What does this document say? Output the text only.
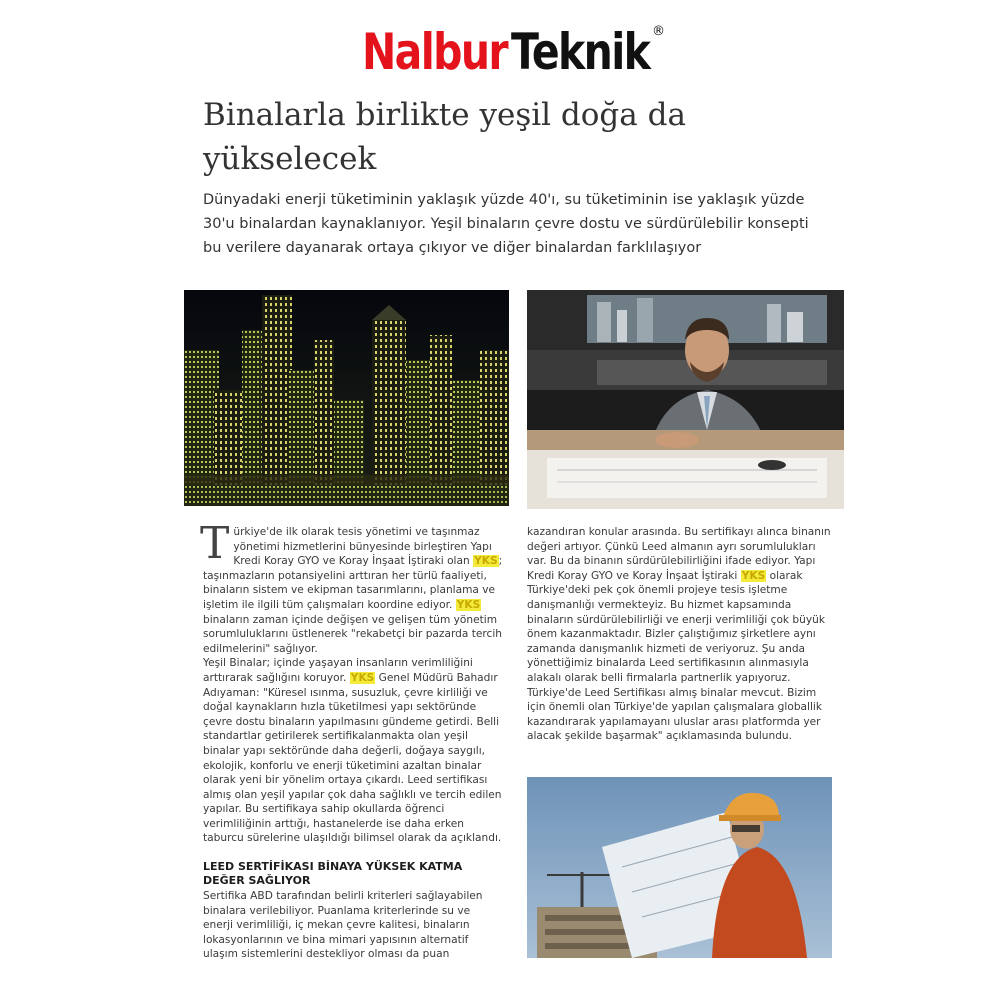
Nalbur Teknik ®
Binalarla birlikte yeşil doğa da yükselecek

Dünyadaki enerji tüketiminin yaklaşık yüzde 40'ı, su tüketiminin ise yaklaşık yüzde 30'u binalardan kaynaklanıyor. Yeşil binaların çevre dostu ve sürdürülebilir konsepti bu verilere dayanarak ortaya çıkıyor ve diğer binalardan farklılaşıyor

Türkiye'de ilk olarak tesis yönetimi ve taşınmaz yönetimi hizmetlerini bünyesinde birleştiren Yapı Kredi Koray GYO ve Koray İnşaat İştiraki olan YKS; taşınmazların potansiyelini arttıran her türlü faaliyeti, binaların sistem ve ekipman tasarımlarını, planlama ve işletim ile ilgili tüm çalışmaları koordine ediyor. YKS binaların zaman içinde değişen ve gelişen tüm yönetim sorumluluklarını üstlenerek "rekabetçi bir pazarda tercih edilmelerini" sağlıyor.

Yeşil Binalar; içinde yaşayan insanların verimliliğini arttırarak sağlığını koruyor. YKS Genel Müdürü Bahadır Adıyaman: "Küresel ısınma, susuzluk, çevre kirliliği ve doğal kaynakların hızla tüketilmesi yapı sektöründe çevre dostu binaların yapılmasını gündeme getirdi. Belli standartlar getirilerek sertifikalanmakta olan yeşil binalar yapı sektöründe daha değerli, doğaya saygılı, ekolojik, konforlu ve enerji tüketimini azaltan binalar olarak yeni bir yönelim ortaya çıkardı. Leed sertifikası almış olan yeşil yapılar çok daha sağlıklı ve tercih edilen yapılar. Bu sertifikaya sahip okullarda öğrenci verimliliğinin arttığı, hastanelerde ise daha erken taburcu sürelerine ulaşıldığı bilimsel olarak da açıklandı.

LEED SERTİFİKASI BİNAYA YÜKSEK KATMA DEĞER SAĞLIYOR

Sertifika ABD tarafından belirli kriterleri sağlayabilen binalara verilebiliyor. Puanlama kriterlerinde su ve enerji verimliliği, iç mekan çevre kalitesi, binaların lokasyonlarının ve bina mimari yapısının alternatif ulaşım sistemlerini destekliyor olması da puan

kazandıran konular arasında. Bu sertifikayı alınca binanın değeri artıyor. Çünkü Leed almanın ayrı sorumlulukları var. Bu da binanın sürdürülebilirliğini ifade ediyor. Yapı Kredi Koray GYO ve Koray İnşaat İştiraki YKS olarak Türkiye'deki pek çok önemli projeye tesis işletme danışmanlığı vermekteyiz. Bu hizmet kapsamında binaların sürdürülebilirliği ve enerji verimliliği çok büyük önem kazanmaktadır. Bizler çalıştığımız şirketlere aynı zamanda danışmanlık hizmeti de veriyoruz. Şu anda yönettiğimiz binalarda Leed sertifikasının alınmasıyla alakalı olarak belli firmalarla partnerlik yapıyoruz. Türkiye'de Leed Sertifikası almış binalar mevcut. Bizim için önemli olan Türkiye'de yapılan çalışmalara globallik kazandırarak yapılamayanı uluslar arası platformda yer alacak şekilde başarmak" açıklamasında bulundu.
